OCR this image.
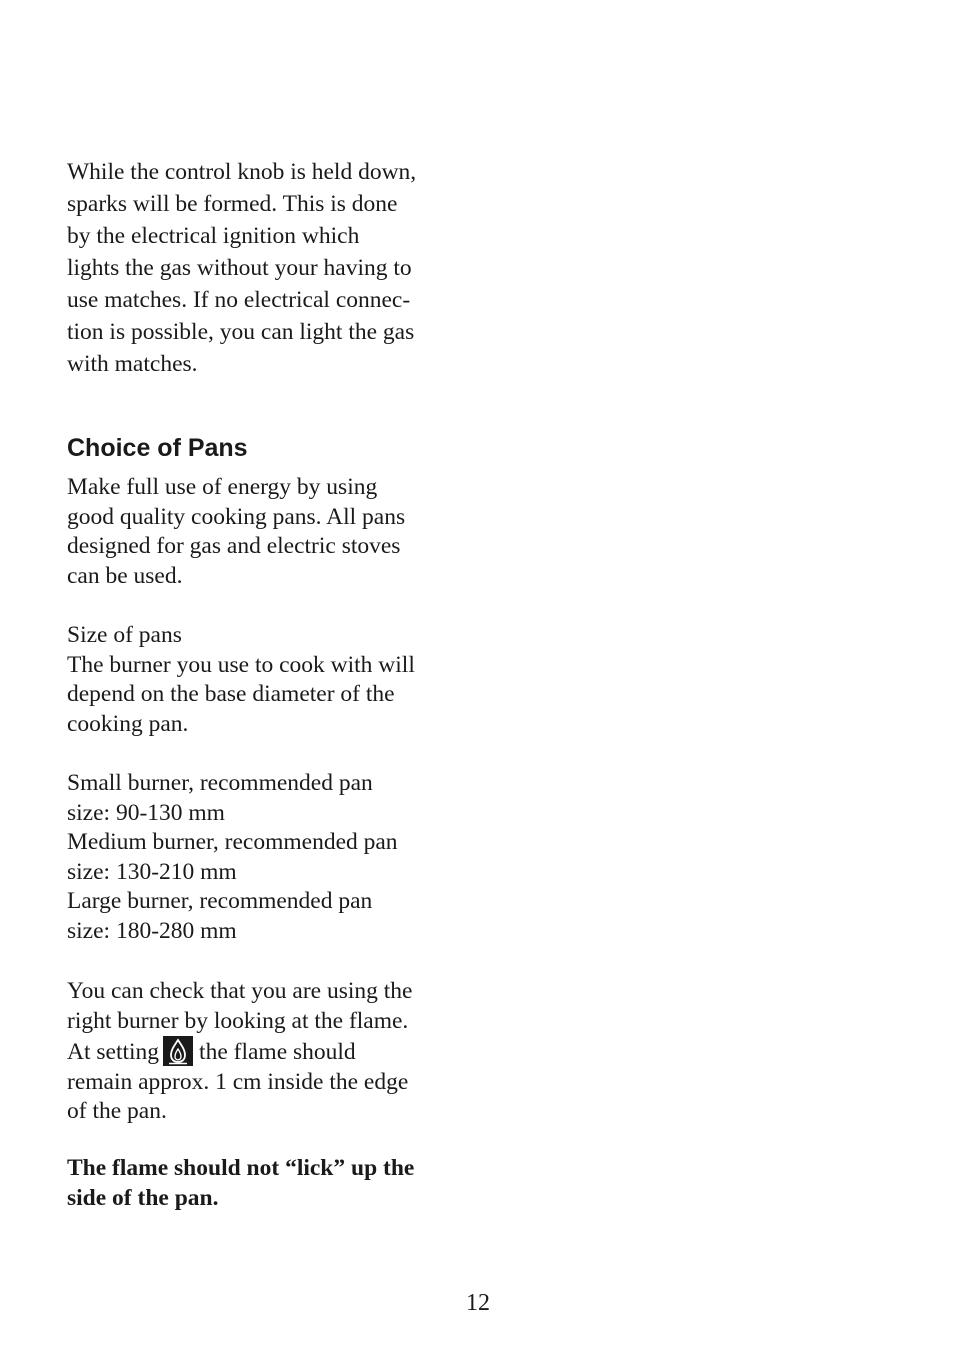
While the control knob is held down,
sparks will be formed. This is done
by the electrical ignition which
lights the gas without your having to
use matches. If no electrical connec-
tion is possible, you can light the gas
with matches.
Choice of Pans
Make full use of energy by using
good quality cooking pans. All pans
designed for gas and electric stoves
can be used.
Size of pans
The burner you use to cook with will
depend on the base diameter of the
cooking pan.
Small burner, recommended pan
size: 90-130 mm
Medium burner, recommended pan
size: 130-210 mm
Large burner, recommended pan
size: 180-280 mm
You can check that you are using the
right burner by looking at the flame.
At setting the flame should
remain approx. 1 cm inside the edge
of the pan.
The flame should not “lick” up the
side of the pan.
12
